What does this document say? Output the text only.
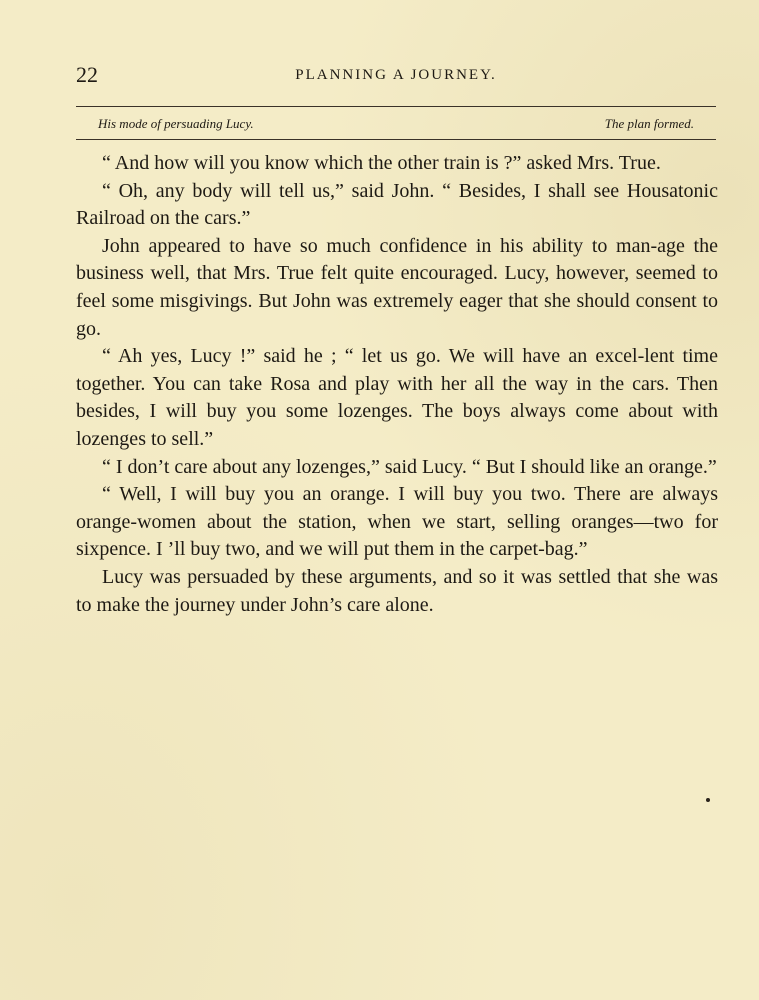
22	PLANNING A JOURNEY.
His mode of persuading Lucy.	The plan formed.

“ And how will you know which the other train is ?” asked Mrs. True.

“ Oh, any body will tell us,” said John. “ Besides, I shall see Housatonic Railroad on the cars.”

John appeared to have so much confidence in his ability to man-age the business well, that Mrs. True felt quite encouraged. Lucy, however, seemed to feel some misgivings. But John was extremely eager that she should consent to go.

“ Ah yes, Lucy !” said he ; “ let us go. We will have an excel-lent time together. You can take Rosa and play with her all the way in the cars. Then besides, I will buy you some lozenges. The boys always come about with lozenges to sell.”

“ I don’t care about any lozenges,” said Lucy. “ But I should like an orange.”

“ Well, I will buy you an orange. I will buy you two. There are always orange-women about the station, when we start, selling oranges—two for sixpence. I ’ll buy two, and we will put them in the carpet-bag.”

Lucy was persuaded by these arguments, and so it was settled that she was to make the journey under John’s care alone.
